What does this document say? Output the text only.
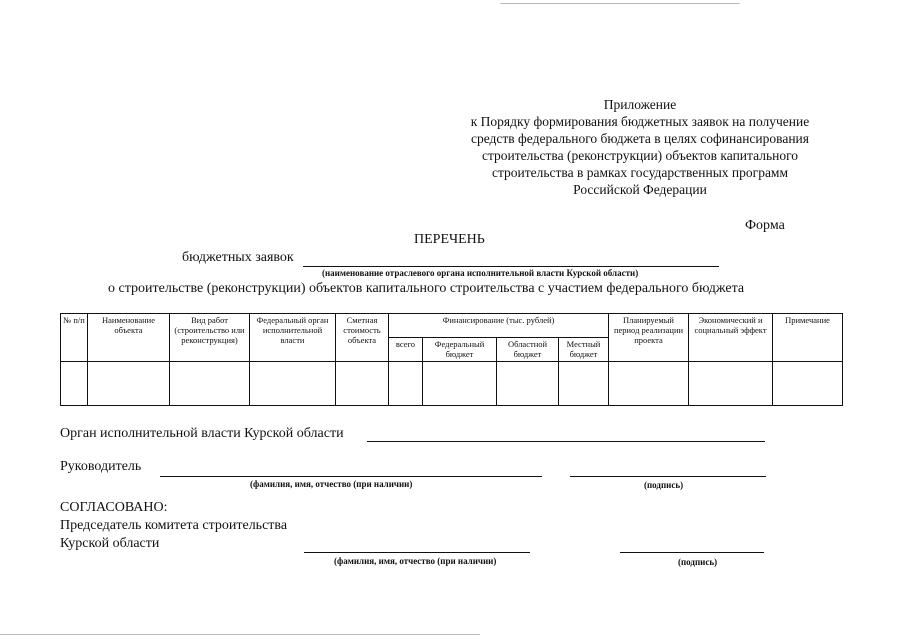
Приложение
к Порядку формирования бюджетных заявок на получение
средств федерального бюджета в целях софинансирования
строительства (реконструкции) объектов капитального
строительства в рамках государственных программ
Российской Федерации
Форма
ПЕРЕЧЕНЬ
бюджетных заявок
(наименование отраслевого органа исполнительной власти Курской области)
о строительстве (реконструкции) объектов капитального строительства с участием федерального бюджета
№ п/п	Наименование объекта	Вид работ (строительство или реконструкция)	Федеральный орган исполнительной власти	Сметная стоимость объекта	Финансирование (тыс. рублей)				Планируемый период реализации проекта	Экономический и социальный эффект	Примечание
					всего	Федеральный бюджет	Областной бюджет	Местный бюджет			

Орган исполнительной власти Курской области
Руководитель
(фамилия, имя, отчество (при наличии)	(подпись)
СОГЛАСОВАНО:
Председатель комитета строительства
Курской области
(фамилия, имя, отчество (при наличии)	(подпись)
